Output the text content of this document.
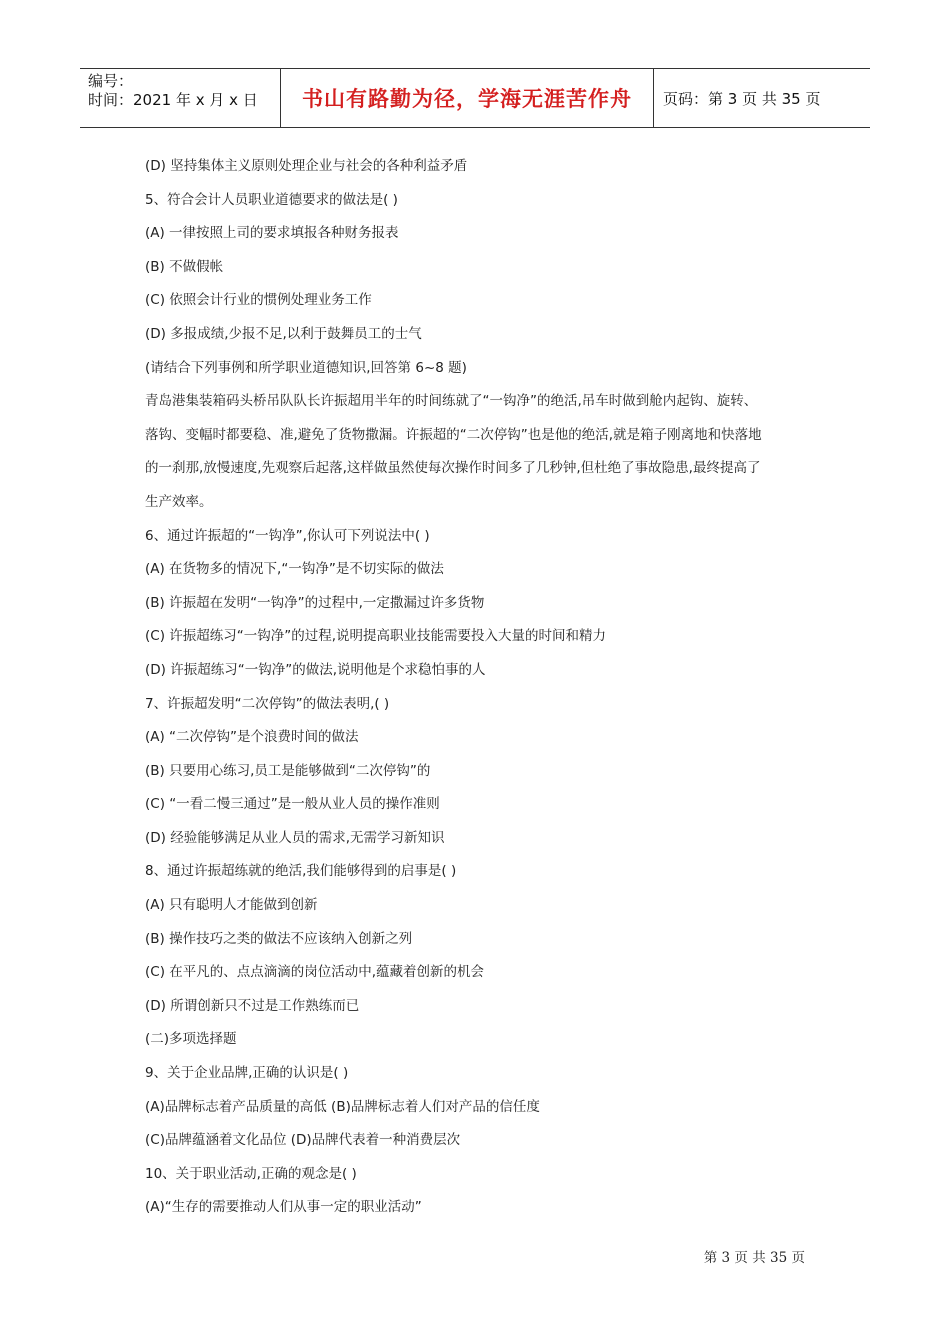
编号：
时间：2021 年 x 月 x 日	书山有路勤为径，学海无涯苦作舟	页码：第 3 页 共 35 页
(D) 坚持集体主义原则处理企业与社会的各种利益矛盾
5、符合会计人员职业道德要求的做法是( )
(A) 一律按照上司的要求填报各种财务报表
(B) 不做假帐
(C) 依照会计行业的惯例处理业务工作
(D) 多报成绩,少报不足,以利于鼓舞员工的士气
(请结合下列事例和所学职业道德知识,回答第 6~8 题)
青岛港集装箱码头桥吊队队长许振超用半年的时间练就了“一钩净”的绝活,吊车时做到舱内起钩、旋转、
落钩、变幅时都要稳、准,避免了货物撒漏。许振超的“二次停钩”也是他的绝活,就是箱子刚离地和快落地
的一刹那,放慢速度,先观察后起落,这样做虽然使每次操作时间多了几秒钟,但杜绝了事故隐患,最终提高了
生产效率。
6、通过许振超的“一钩净”,你认可下列说法中( )
(A) 在货物多的情况下,“一钩净”是不切实际的做法
(B) 许振超在发明“一钩净”的过程中,一定撒漏过许多货物
(C) 许振超练习“一钩净”的过程,说明提高职业技能需要投入大量的时间和精力
(D) 许振超练习“一钩净”的做法,说明他是个求稳怕事的人
7、许振超发明“二次停钩”的做法表明,( )
(A) “二次停钩”是个浪费时间的做法
(B) 只要用心练习,员工是能够做到“二次停钩”的
(C) “一看二慢三通过”是一般从业人员的操作准则
(D) 经验能够满足从业人员的需求,无需学习新知识
8、通过许振超练就的绝活,我们能够得到的启事是( )
(A) 只有聪明人才能做到创新
(B) 操作技巧之类的做法不应该纳入创新之列
(C) 在平凡的、点点滴滴的岗位活动中,蕴藏着创新的机会
(D) 所谓创新只不过是工作熟练而已
(二)多项选择题
9、关于企业品牌,正确的认识是( )
(A)品牌标志着产品质量的高低 (B)品牌标志着人们对产品的信任度
(C)品牌蕴涵着文化品位 (D)品牌代表着一种消费层次
10、关于职业活动,正确的观念是( )
(A)“生存的需要推动人们从事一定的职业活动”
第 3 页 共 35 页
